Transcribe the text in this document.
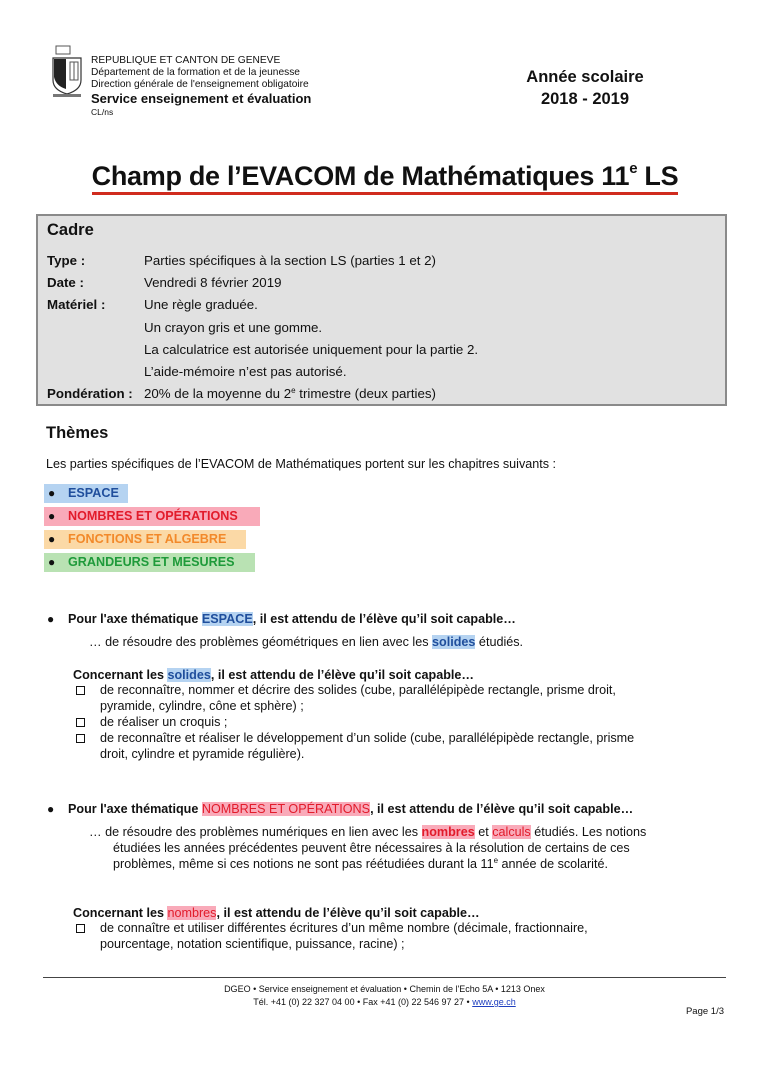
REPUBLIQUE ET CANTON DE GENEVE
Département de la formation et de la jeunesse
Direction générale de l'enseignement obligatoire
Service enseignement et évaluation
CL/ns
Année scolaire
2018 - 2019
Champ de l’EVACOM de Mathématiques 11e LS
Cadre
Type :	Parties spécifiques à la section LS (parties 1 et 2)
Date :	Vendredi 8 février 2019
Matériel :	Une règle graduée.
Un crayon gris et une gomme.
La calculatrice est autorisée uniquement pour la partie 2.
L’aide-mémoire n’est pas autorisé.
Pondération : 20% de la moyenne du 2e trimestre (deux parties)
Thèmes
Les parties spécifiques de l’EVACOM de Mathématiques portent sur les chapitres suivants :
● ESPACE
● NOMBRES ET OPÉRATIONS
● FONCTIONS ET ALGEBRE
● GRANDEURS ET MESURES
● Pour l'axe thématique ESPACE, il est attendu de l’élève qu’il soit capable…
… de résoudre des problèmes géométriques en lien avec les solides étudiés.
Concernant les solides, il est attendu de l’élève qu’il soit capable…
de reconnaître, nommer et décrire des solides (cube, parallélépipède rectangle, prisme droit,
pyramide, cylindre, cône et sphère) ;
de réaliser un croquis ;
de reconnaître et réaliser le développement d’un solide (cube, parallélépipède rectangle, prisme
droit, cylindre et pyramide régulière).
● Pour l'axe thématique NOMBRES ET OPÉRATIONS, il est attendu de l’élève qu’il soit capable…
… de résoudre des problèmes numériques en lien avec les nombres et calculs étudiés. Les notions
étudiées les années précédentes peuvent être nécessaires à la résolution de certains de ces
problèmes, même si ces notions ne sont pas réétudiées durant la 11e année de scolarité.
Concernant les nombres, il est attendu de l’élève qu’il soit capable…
de connaître et utiliser différentes écritures d’un même nombre (décimale, fractionnaire,
pourcentage, notation scientifique, puissance, racine) ;
DGEO • Service enseignement et évaluation • Chemin de l'Echo 5A • 1213 Onex
Tél. +41 (0) 22 327 04 00 • Fax +41 (0) 22 546 97 27 • www.ge.ch
Page 1/3
